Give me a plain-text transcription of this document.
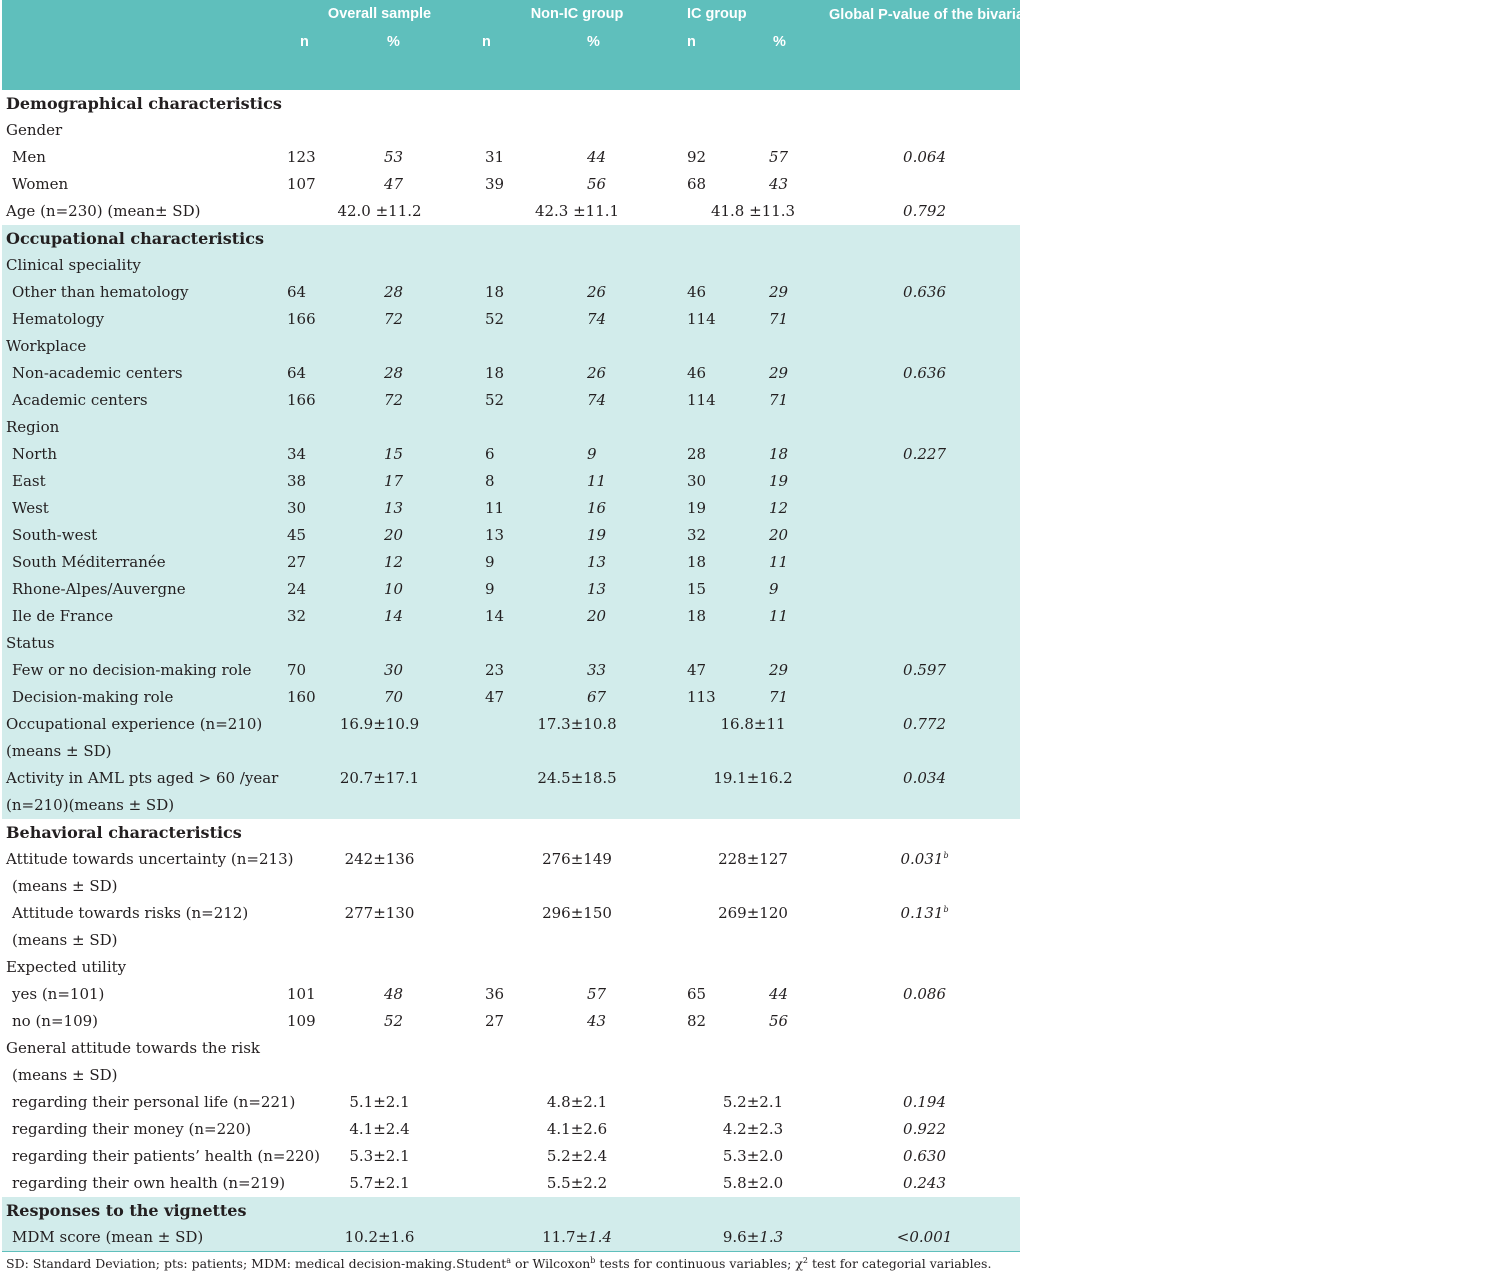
	Overall sample		Non-IC group		IC group		Global P-value of the bivariate analysis of the characteristics related with belonging to IC group$^a$
	n	%	n	%	n	%	
Demographical characteristics							
Gender							
Men	123	53	31	44	92	57	0.064
Women	107	47	39	56	68	43	
Age (n=230) (mean± SD)	42.0 ±11.2		42.3 ±11.1		41.8 ±11.3		0.792
Occupational characteristics							
Clinical speciality							
Other than hematology	64	28	18	26	46	29	0.636
Hematology	166	72	52	74	114	71	
Workplace							
Non-academic centers	64	28	18	26	46	29	0.636
Academic centers	166	72	52	74	114	71	
Region							
North	34	15	6	9	28	18	0.227
East	38	17	8	11	30	19	
West	30	13	11	16	19	12	
South-west	45	20	13	19	32	20	
South Méditerranée	27	12	9	13	18	11	
Rhone-Alpes/Auvergne	24	10	9	13	15	9	
Ile de France	32	14	14	20	18	11	
Status							
Few or no decision-making role	70	30	23	33	47	29	0.597
Decision-making role	160	70	47	67	113	71	
Occupational experience (n=210)	16.9±10.9		17.3±10.8		16.8±11		0.772
(means ± SD)							
Activity in AML pts aged > 60 /year	20.7±17.1		24.5±18.5		19.1±16.2		0.034
(n=210)(means ± SD)							
Behavioral characteristics							
Attitude towards uncertainty (n=213)	242±136		276±149		228±127		0.031$^b$
(means ± SD)							
Attitude towards risks (n=212)	277±130		296±150		269±120		0.131$^b$
(means ± SD)							
Expected utility							
yes (n=101)	101	48	36	57	65	44	0.086
no (n=109)	109	52	27	43	82	56	
General attitude towards the risk							
(means ± SD)							
regarding their personal life (n=221)	5.1±2.1		4.8±2.1		5.2±2.1		0.194
regarding their money (n=220)	4.1±2.4		4.1±2.6		4.2±2.3		0.922
regarding their patients’ health (n=220)	5.3±2.1		5.2±2.4		5.3±2.0		0.630
regarding their own health (n=219)	5.7±2.1		5.5±2.2		5.8±2.0		0.243
Responses to the vignettes							
MDM score (mean ± SD)	10.2±1.6		11.7±1.4		9.6±1.3		<0.001
SD: Standard Deviation; pts: patients; MDM: medical decision-making.Student$^a$ or Wilcoxon$^b$ tests for continuous variables; $\chi^2$ test for categorial variables.
